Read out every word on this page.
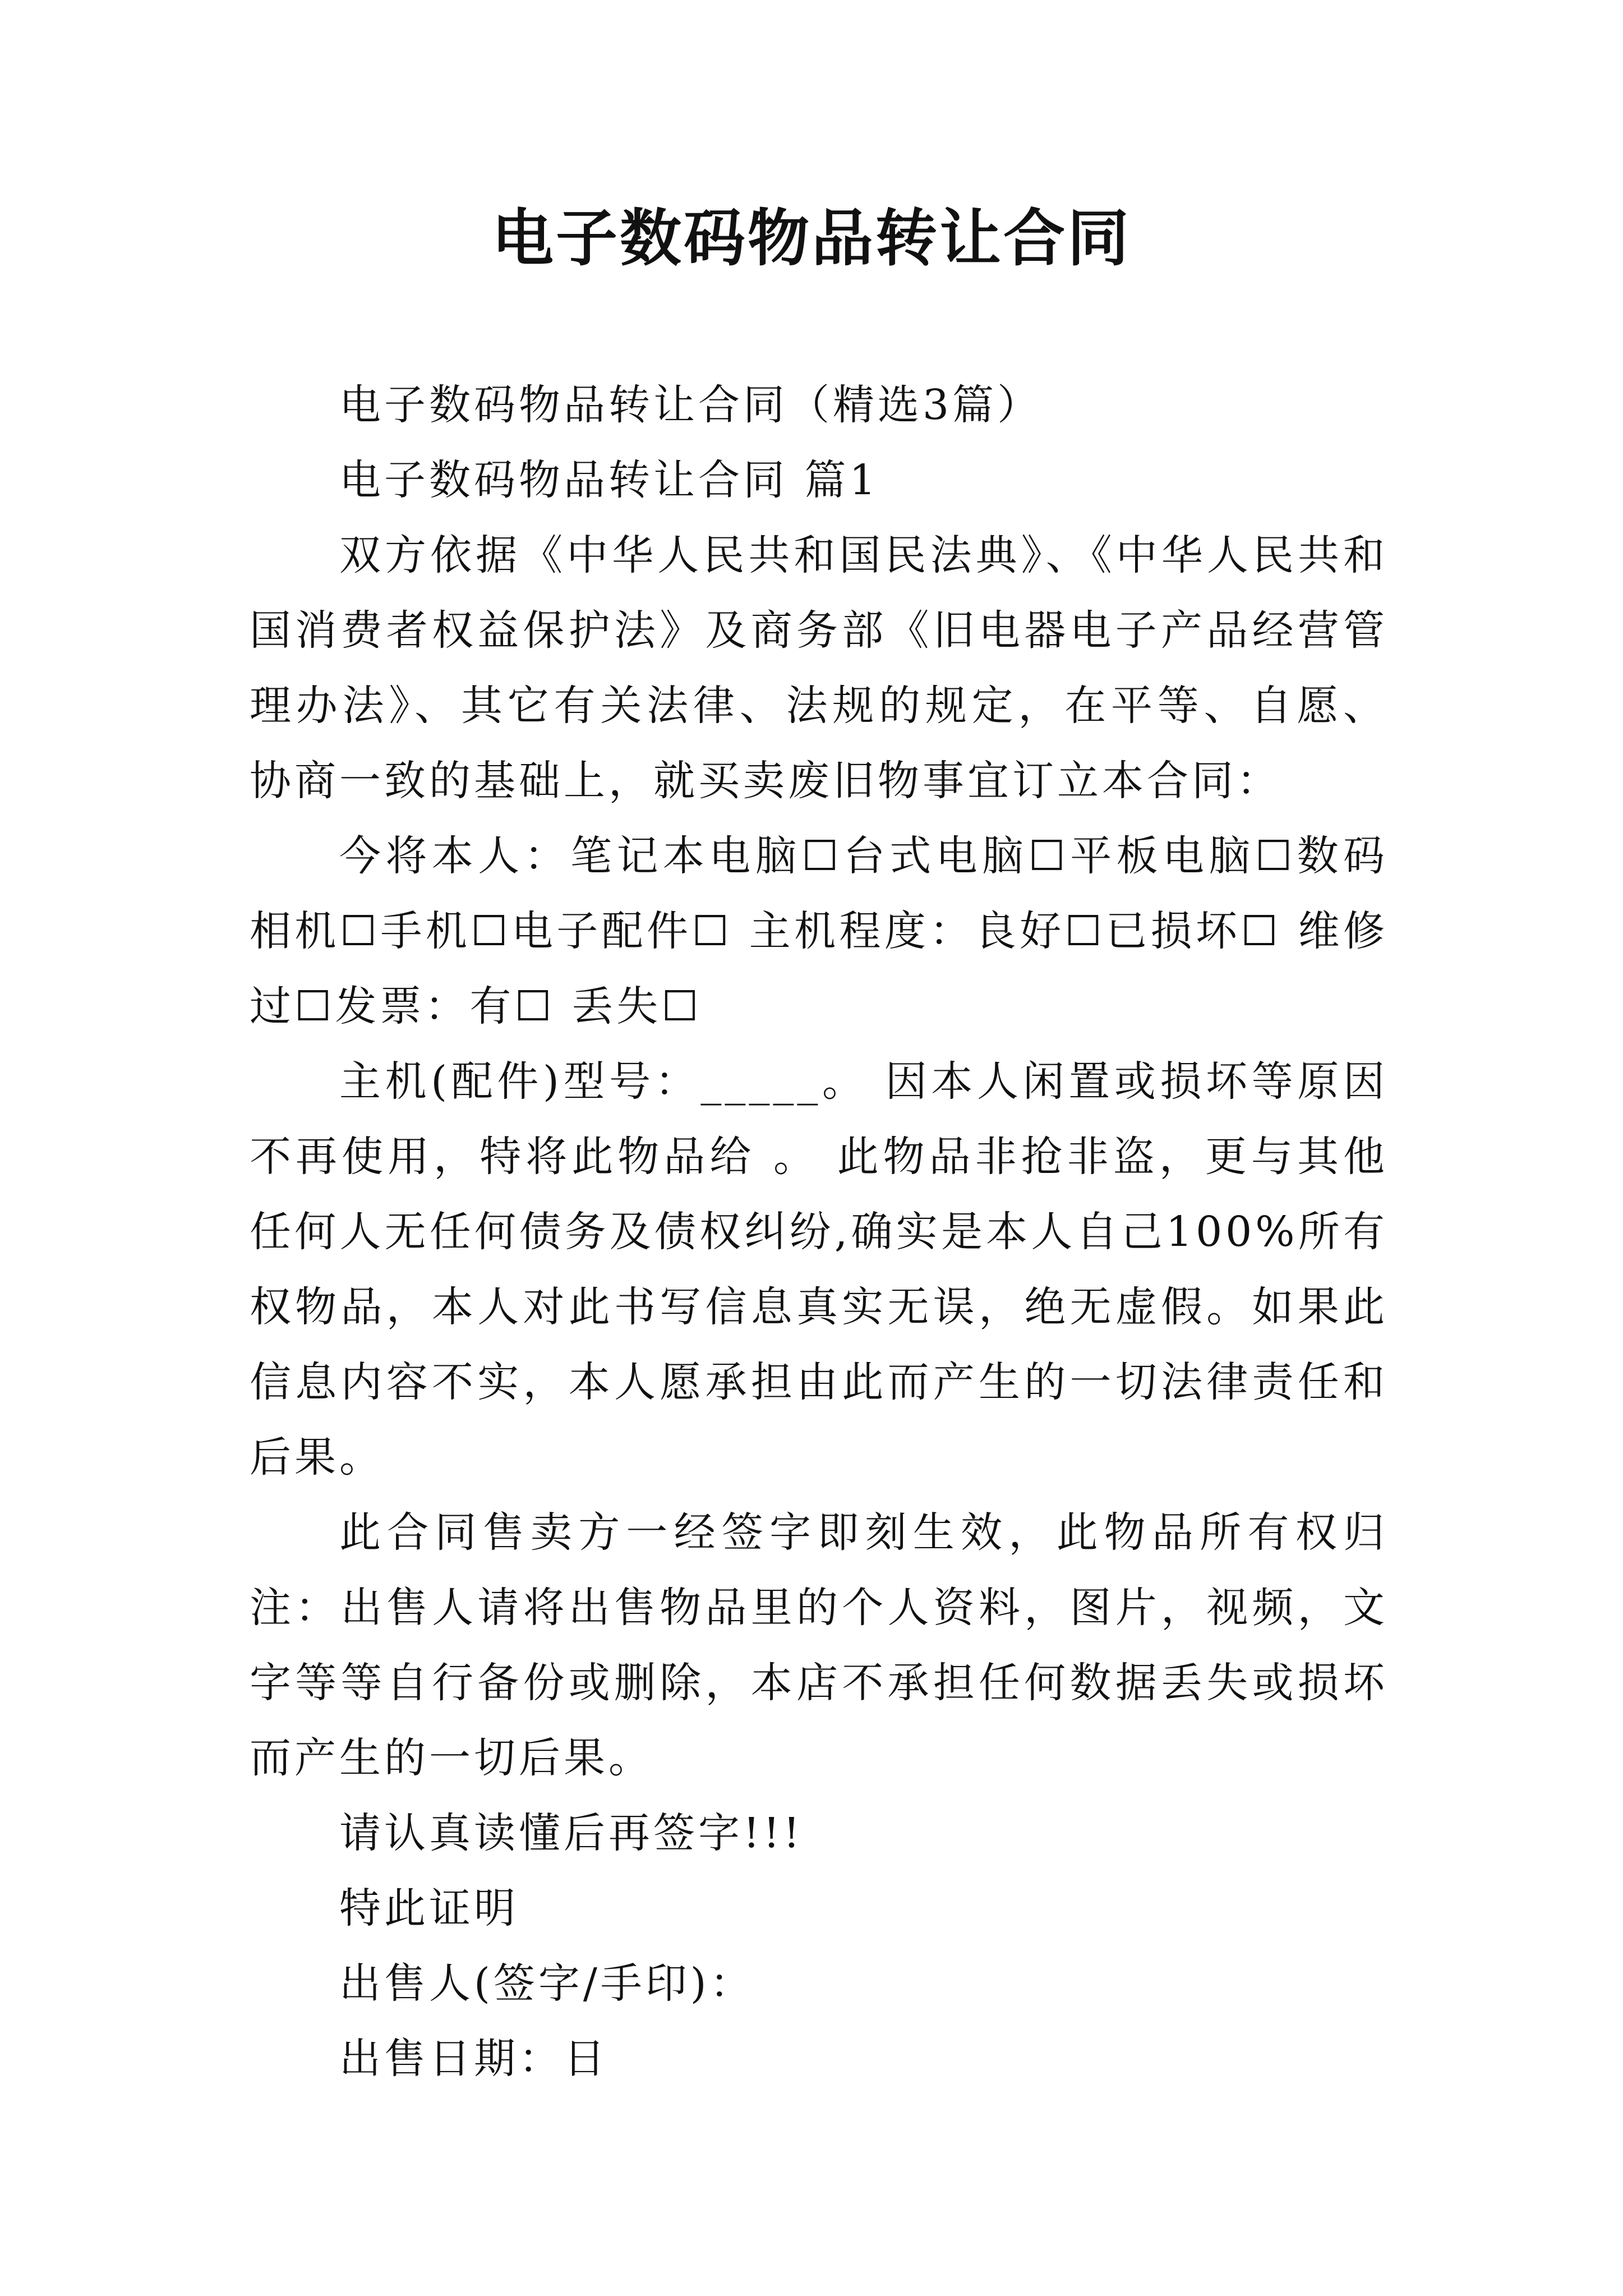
电子数码物品转让合同

电子数码物品转让合同（精选3篇）

电子数码物品转让合同 篇1

双方依据《中华人民共和国民法典》、《中华人民共和国消费者权益保护法》及商务部《旧电器电子产品经营管理办法》、其它有关法律、法规的规定，在平等、自愿、协商一致的基础上，就买卖废旧物事宜订立本合同：

今将本人：笔记本电脑☐台式电脑☐平板电脑☐数码相机☐手机☐电子配件☐ 主机程度：良好☐已损坏☐ 维修过☐发票：有☐ 丢失☐

主机(配件)型号：_____。 因本人闲置或损坏等原因不再使用，特将此物品给 。 此物品非抢非盗，更与其他任何人无任何债务及债权纠纷,确实是本人自己100%所有权物品，本人对此书写信息真实无误，绝无虚假。如果此信息内容不实，本人愿承担由此而产生的一切法律责任和后果。

此合同售卖方一经签字即刻生效，此物品所有权归 注：出售人请将出售物品里的个人资料，图片，视频，文字等等自行备份或删除，本店不承担任何数据丢失或损坏而产生的一切后果。

请认真读懂后再签字!!!

特此证明

出售人(签字/手印)：

出售日期：日
